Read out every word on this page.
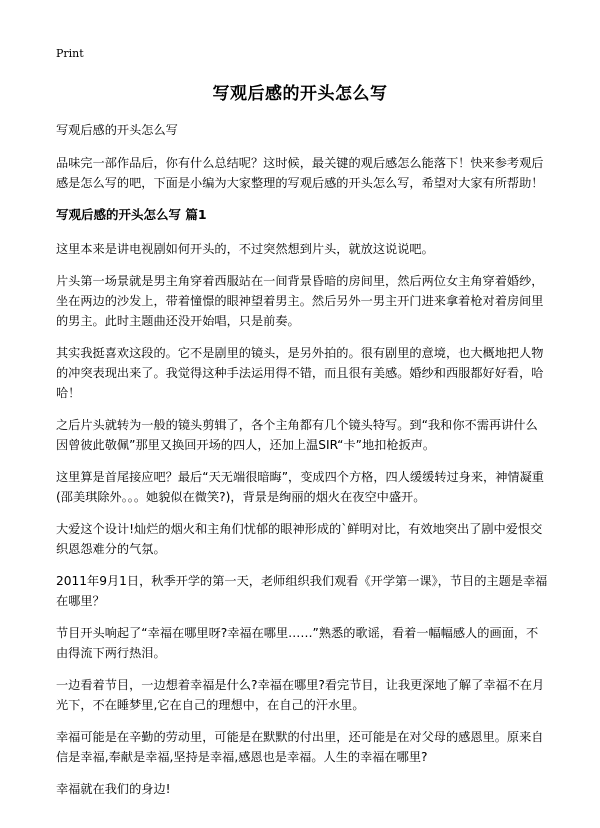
Print
写观后感的开头怎么写

写观后感的开头怎么写

品味完一部作品后，你有什么总结呢？这时候，最关键的观后感怎么能落下！快来参考观后感是怎么写的吧，下面是小编为大家整理的写观后感的开头怎么写，希望对大家有所帮助！

写观后感的开头怎么写 篇1

这里本来是讲电视剧如何开头的，不过突然想到片头，就放这说说吧。

片头第一场景就是男主角穿着西服站在一间背景昏暗的房间里，然后两位女主角穿着婚纱，坐在两边的沙发上，带着憧憬的眼神望着男主。然后另外一男主开门进来拿着枪对着房间里的男主。此时主题曲还没开始唱，只是前奏。

其实我挺喜欢这段的。它不是剧里的镜头，是另外拍的。很有剧里的意境，也大概地把人物的冲突表现出来了。我觉得这种手法运用得不错，而且很有美感。婚纱和西服都好好看，哈哈！

之后片头就转为一般的镜头剪辑了，各个主角都有几个镜头特写。到“我和你不需再讲什么因曾彼此敬佩”那里又换回开场的四人，还加上温SIR“卡”地扣枪扳声。

这里算是首尾接应吧？最后“天无端很暗晦”，变成四个方格，四人缓缓转过身来，神情凝重(邵美琪除外。。。她貌似在微笑?)，背景是绚丽的烟火在夜空中盛开。

大爱这个设计!灿烂的烟火和主角们忧郁的眼神形成的`鲜明对比，有效地突出了剧中爱恨交织恩怨难分的气氛。

2011年9月1日，秋季开学的第一天，老师组织我们观看《开学第一课》，节目的主题是幸福在哪里？

节目开头响起了“幸福在哪里呀?幸福在哪里……”熟悉的歌谣，看着一幅幅感人的画面，不由得流下两行热泪。

一边看着节目，一边想着幸福是什么?幸福在哪里?看完节目，让我更深地了解了幸福不在月光下，不在睡梦里,它在自己的理想中，在自己的汗水里。

幸福可能是在辛勤的劳动里，可能是在默默的付出里，还可能是在对父母的感恩里。原来自信是幸福,奉献是幸福,坚持是幸福,感恩也是幸福。人生的幸福在哪里?

幸福就在我们的身边!
